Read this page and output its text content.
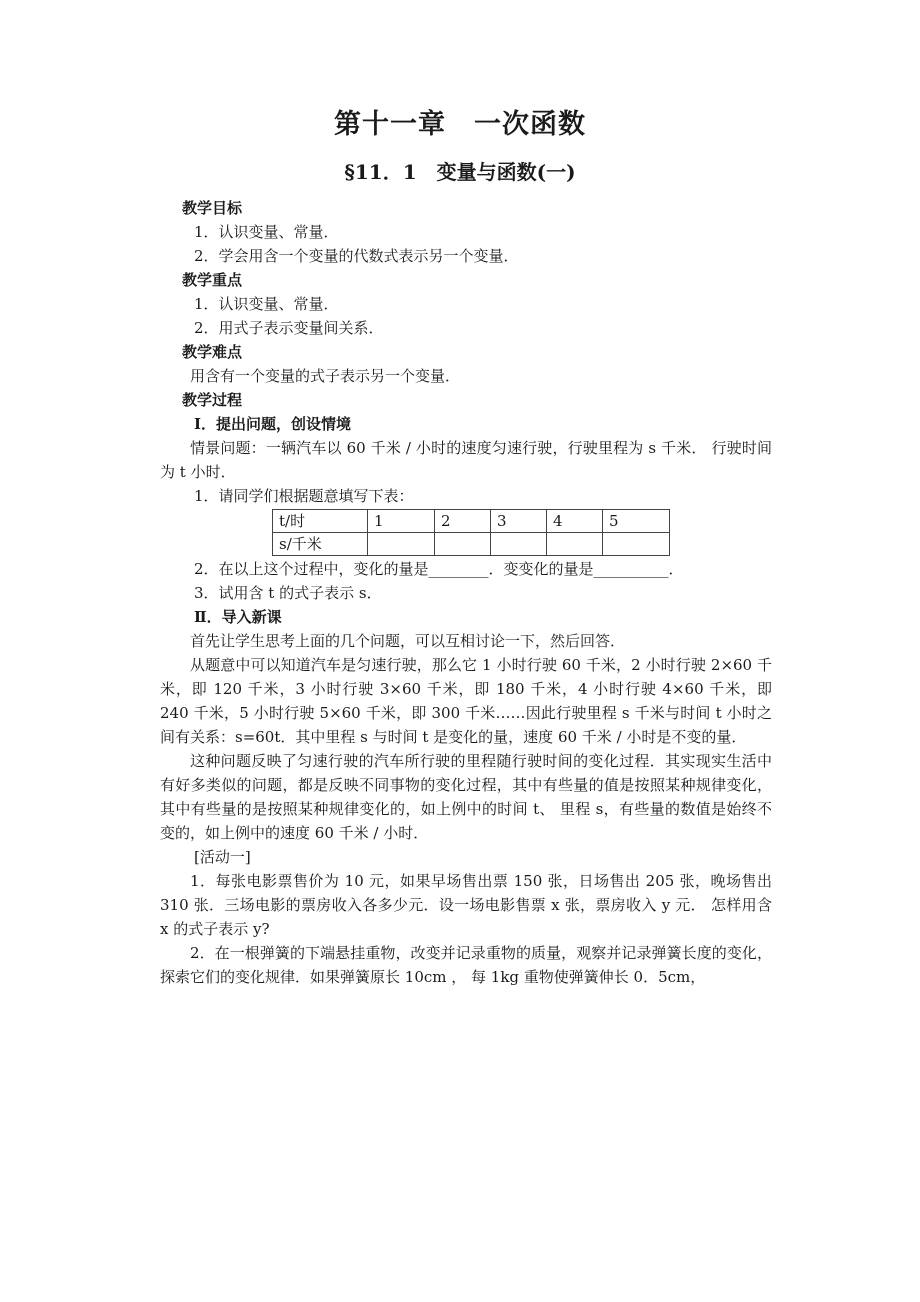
第十一章　一次函数
§11．1　变量与函数(一)
教学目标
1．认识变量、常量．
2．学会用含一个变量的代数式表示另一个变量．
教学重点
1．认识变量、常量．
2．用式子表示变量间关系．
教学难点
用含有一个变量的式子表示另一个变量．
教学过程
Ⅰ．提出问题，创设情境
情景问题：一辆汽车以 60 千米 / 小时的速度匀速行驶，行驶里程为 s 千米． 行驶时间为 t 小时．
1．请同学们根据题意填写下表：
t/时	1	2	3	4	5
s/千米					
2．在以上这个过程中，变化的量是________．变变化的量是__________．
3．试用含 t 的式子表示 s．
Ⅱ．导入新课
首先让学生思考上面的几个问题，可以互相讨论一下，然后回答．
从题意中可以知道汽车是匀速行驶，那么它 1 小时行驶 60 千米，2 小时行驶 2×60 千米，即 120 千米，3 小时行驶 3×60 千米，即 180 千米，4 小时行驶 4×60 千米，即 240 千米，5 小时行驶 5×60 千米，即 300 千米……因此行驶里程 s 千米与时间 t 小时之间有关系：s=60t．其中里程 s 与时间 t 是变化的量，速度 60 千米 / 小时是不变的量．
这种问题反映了匀速行驶的汽车所行驶的里程随行驶时间的变化过程．其实现实生活中有好多类似的问题，都是反映不同事物的变化过程，其中有些量的值是按照某种规律变化，其中有些量的是按照某种规律变化的，如上例中的时间 t、 里程 s，有些量的数值是始终不变的，如上例中的速度 60 千米 / 小时．
[活动一]
1．每张电影票售价为 10 元，如果早场售出票 150 张，日场售出 205 张，晚场售出 310 张．三场电影的票房收入各多少元．设一场电影售票 x 张，票房收入 y 元． 怎样用含 x 的式子表示 y?
2．在一根弹簧的下端悬挂重物，改变并记录重物的质量，观察并记录弹簧长度的变化，探索它们的变化规律．如果弹簧原长 10cm ， 每 1kg 重物使弹簧伸长 0．5cm，
